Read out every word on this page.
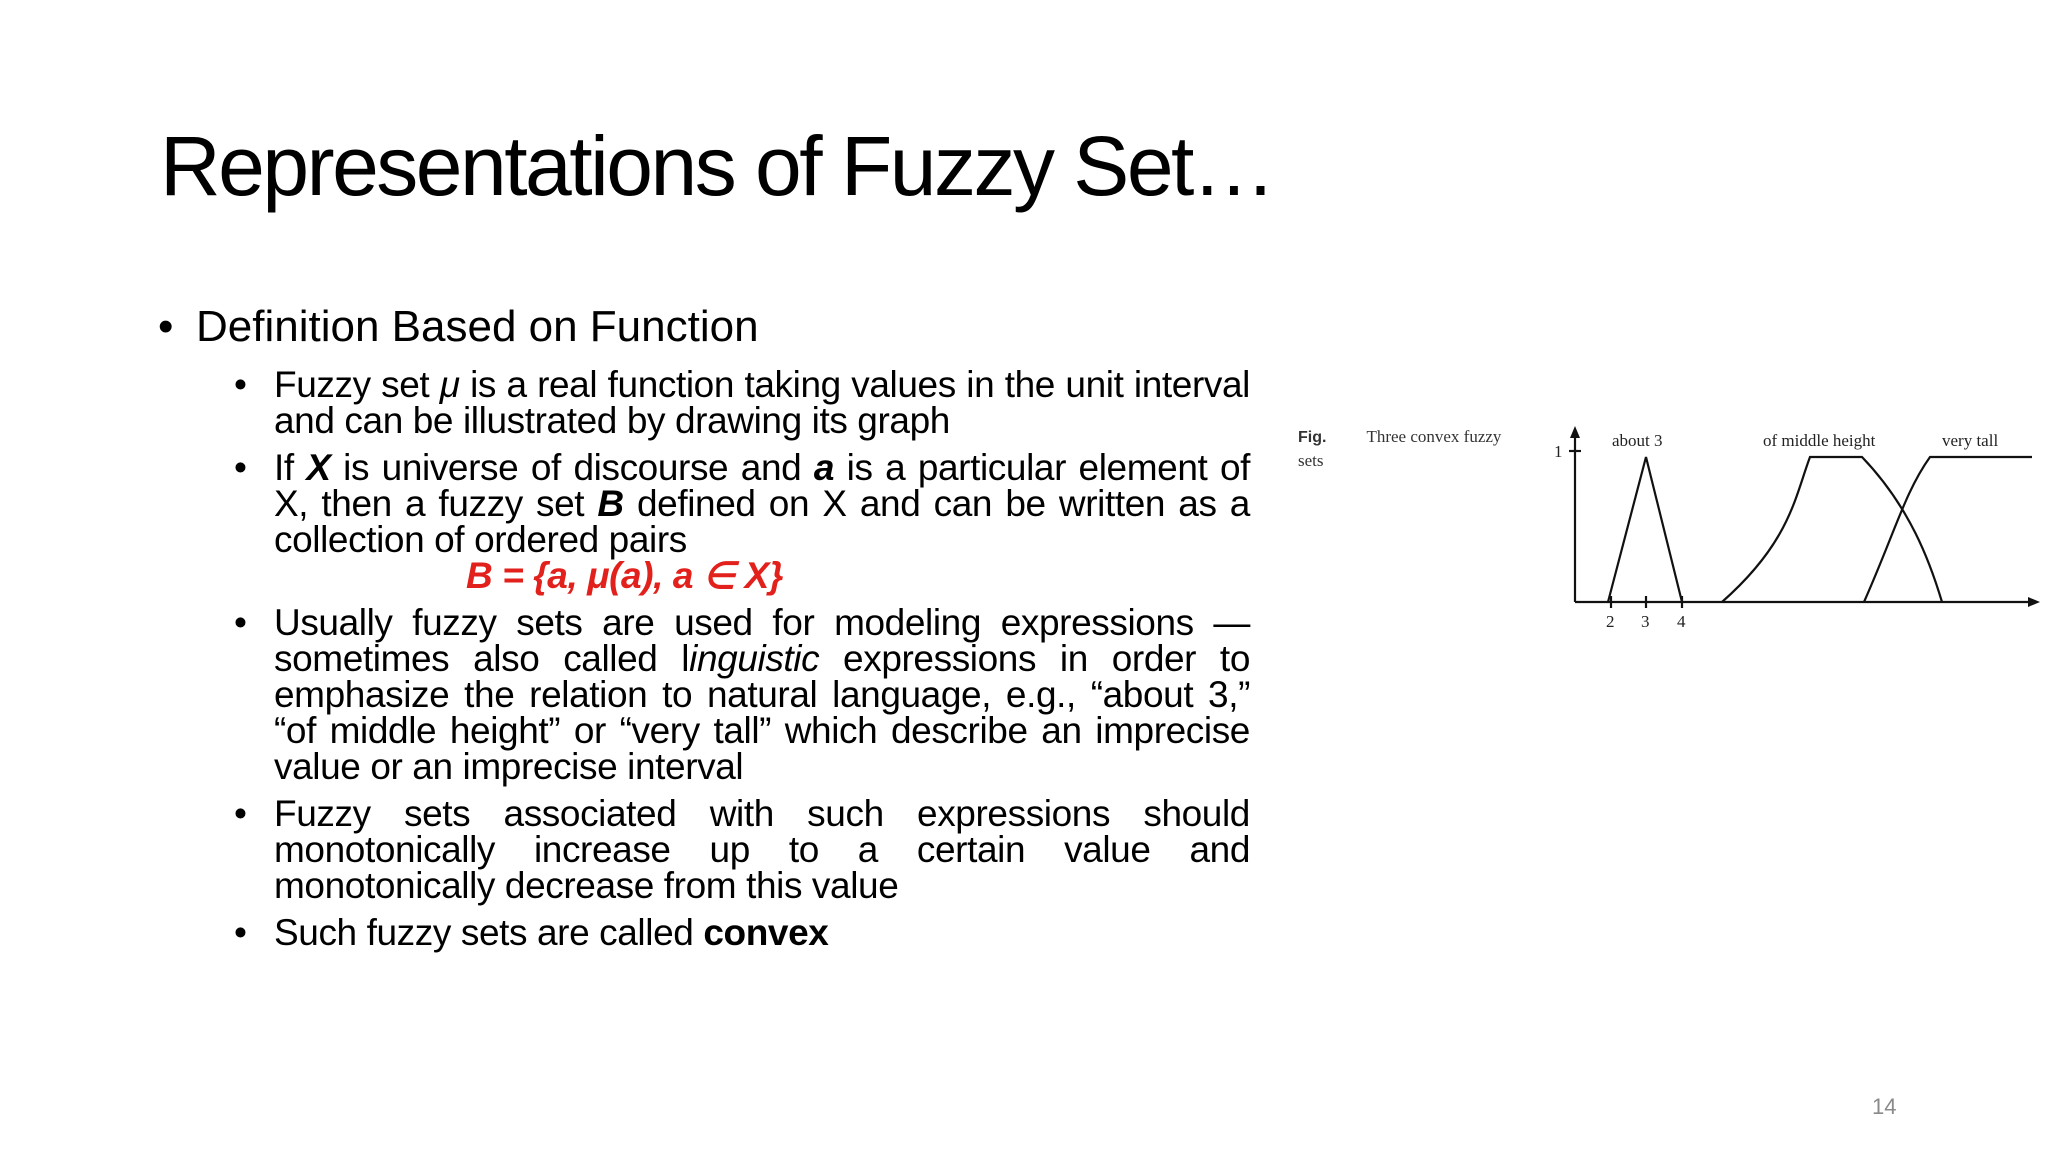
Representations of Fuzzy Set…
• Definition Based on Function
• Fuzzy set μ is a real function taking values in the unit interval and can be illustrated by drawing its graph
• If X is universe of discourse and a is a particular element of X, then a fuzzy set B defined on X and can be written as a collection of ordered pairs
B = {a, μ(a), a ∈ X}
• Usually fuzzy sets are used for modeling expressions — sometimes also called linguistic expressions in order to emphasize the relation to natural language, e.g., “about 3,” “of middle height” or “very tall” which describe an imprecise value or an imprecise interval
• Fuzzy sets associated with such expressions should monotonically increase up to a certain value and monotonically decrease from this value
• Such fuzzy sets are called convex
Fig. Three convex fuzzy sets	1
2 3 4
about 3	of middle height	very tall
14
